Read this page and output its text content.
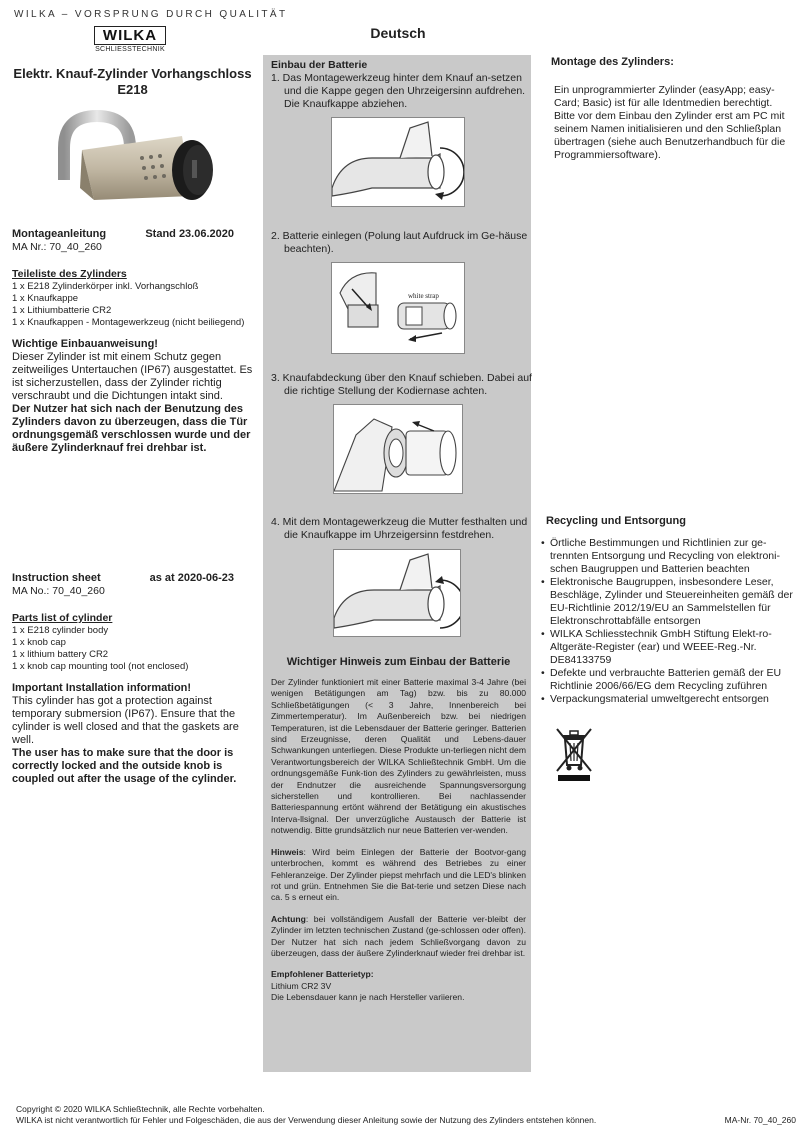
WILKA – VORSPRUNG DURCH QUALITÄT
WILKA
SCHLIESSTECHNIK
Deutsch
Elektr. Knauf-Zylinder Vorhangschloss E218
Montageanleitung	Stand 23.06.2020
MA Nr.: 70_40_260
Teileliste des Zylinders
1 x E218 Zylinderkörper inkl. Vorhangschloß
1 x Knaufkappe
1 x Lithiumbatterie CR2
1 x Knaufkappen - Montagewerkzeug (nicht beiliegend)
Wichtige Einbauanweisung!
Dieser Zylinder ist mit einem Schutz gegen zeitweiliges Untertauchen (IP67) ausgestattet. Es ist sicherzustellen, dass der Zylinder richtig verschraubt und die Dichtungen intakt sind.
Der Nutzer hat sich nach der Benutzung des Zylinders davon zu überzeugen, dass die Tür ordnungsgemäß verschlossen wurde und der äußere Zylinderknauf frei drehbar ist.
Instruction sheet	as at 2020-06-23
MA No.: 70_40_260
Parts list of cylinder
1 x E218 cylinder body
1 x knob cap
1 x lithium battery CR2
1 x knob cap mounting tool (not enclosed)
Important Installation information!
This cylinder has got a protection against temporary submersion (IP67). Ensure that the cylinder is well closed and that the gaskets are well.
The user has to make sure that the door is correctly locked and the outside knob is coupled out after the usage of the cylinder.
Einbau der Batterie
1. Das Montagewerkzeug hinter dem Knauf an-setzen und die Kappe gegen den Uhrzeigersinn aufdrehen. Die Knaufkappe abziehen.
2. Batterie einlegen (Polung laut Aufdruck im Ge-häuse beachten).
white strap
3. Knaufabdeckung über den Knauf schieben. Dabei auf die richtige Stellung der Kodiernase achten.
4. Mit dem Montagewerkzeug die Mutter festhalten und die Knaufkappe im Uhrzeigersinn festdrehen.
Wichtiger Hinweis zum Einbau der Batterie

Der Zylinder funktioniert mit einer Batterie maximal 3-4 Jahre (bei wenigen Betätigungen am Tag) bzw. bis zu 80.000 Schließbetätigungen (< 3 Jahre, Innenbereich bei Zimmertemperatur). Im Außenbereich bzw. bei niedrigen Temperaturen, ist die Lebensdauer der Batterie geringer. Batterien sind Erzeugnisse, deren Qualität und Lebens-dauer Schwankungen unterliegen. Diese Produkte un-terliegen nicht dem Verantwortungsbereich der WILKA Schließtechnik GmbH. Um die ordnungsgemäße Funk-tion des Zylinders zu gewährleisten, muss der Endnutzer die ausreichende Spannungsversorgung sicherstellen und kontrollieren. Bei nachlassender Batteriespannung ertönt während der Betätigung ein akustisches Interva-llsignal. Der unverzügliche Austausch der Batterie ist notwendig. Bitte grundsätzlich nur neue Batterien ver-wenden.

Hinweis: Wird beim Einlegen der Batterie der Bootvor-gang unterbrochen, kommt es während des Betriebes zu einer Fehleranzeige. Der Zylinder piepst mehrfach und die LED's blinken rot und grün. Entnehmen Sie die Bat-terie und setzen Diese nach ca. 5 s erneut ein.

Achtung: bei vollständigem Ausfall der Batterie ver-bleibt der Zylinder im letzten technischen Zustand (ge-schlossen oder offen). Der Nutzer hat sich nach jedem Schließvorgang davon zu überzeugen, dass der äußere Zylinderknauf wieder frei drehbar ist.

Empfohlener Batterietyp:
Lithium CR2 3V
Die Lebensdauer kann je nach Hersteller variieren.
Montage des Zylinders:
Ein unprogrammierter Zylinder (easyApp; easy-Card; Basic) ist für alle Identmedien berechtigt. Bitte vor dem Einbau den Zylinder erst am PC mit seinem Namen initialisieren und den Schließplan übertragen (siehe auch Benutzerhandbuch für die Programmiersoftware).
Recycling und Entsorgung
• Örtliche Bestimmungen und Richtlinien zur ge-trennten Entsorgung und Recycling von elektroni-schen Baugruppen und Batterien beachten
• Elektronische Baugruppen, insbesondere Leser, Beschläge, Zylinder und Steuereinheiten gemäß der EU-Richtlinie 2012/19/EU an Sammelstellen für Elektronschrottabfälle entsorgen
• WILKA Schliesstechnik GmbH Stiftung Elekt-ro-Altgeräte-Register (ear) und WEEE-Reg.-Nr. DE84133759
• Defekte und verbrauchte Batterien gemäß der EU Richtlinie 2006/66/EG dem Recycling zuführen
• Verpackungsmaterial umweltgerecht entsorgen
Copyright © 2020 WILKA Schließtechnik, alle Rechte vorbehalten.
WILKA ist nicht verantwortlich für Fehler und Folgeschäden, die aus der Verwendung dieser Anleitung sowie der Nutzung des Zylinders entstehen können.	MA-Nr. 70_40_260
